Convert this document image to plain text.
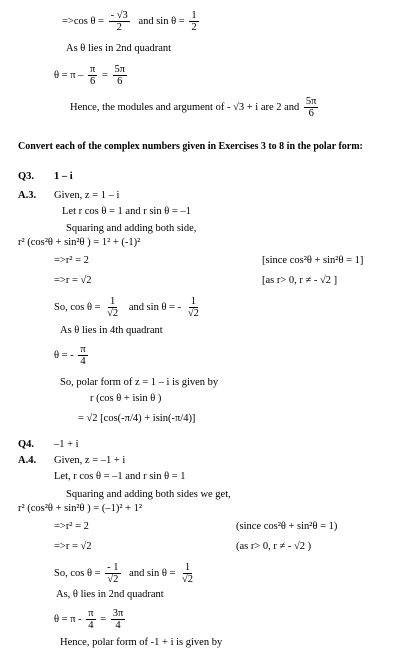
=>cos $\theta = \frac{- √3}{2}$ and $\sin \theta = \frac{1}{2}$
As θ lies in 2nd quadrant
$\theta = \pi - \frac{\pi}{6} = \frac{5\pi}{6}$
Hence, the modules and argument of - √3 + i are 2 and $\frac{5\pi}{6}$
Convert each of the complex numbers given in Exercises 3 to 8 in the polar form:
Q3. 1 – i
A.3. Given, z = 1 – i
Let r cos θ = 1 and r sin θ = –1
Squaring and adding both side,
r² (cos²θ + sin²θ ) = 1² + (-1)²
=>r² = 2	[since cos²θ + sin²θ = 1]
=>r = √2	[as r> 0, r ≠ - √2 ]
So, $\cos \theta = \frac{1}{√2}$ and sin θ = - $\frac{1}{√2}$
As θ lies in 4th quadrant
θ = - $\frac{\pi}{4}$
So, polar form of z = 1 – i is given by
r (cos θ + isin θ )
= √2 [cos(-π/4) + isin(-π/4)]
Q4. –1 + i
A.4. Given, z = –1 + i
Let, r cos θ = –1 and r sin θ = 1
Squaring and adding both sides we get,
r² (cos²θ + sin²θ ) = (–1)² + 1²
=>r² = 2	(since cos²θ + sin²θ = 1)
=>r = √2	(as r> 0, r ≠ - √2 )
So, $\cos \theta = \frac{- 1}{√2}$ and $\sin \theta = \frac{1}{√2}$
As, θ lies in 2nd quadrant
$\theta = \pi - \frac{\pi}{4} = \frac{3\pi}{4}$
Hence, polar form of -1 + i is given by
